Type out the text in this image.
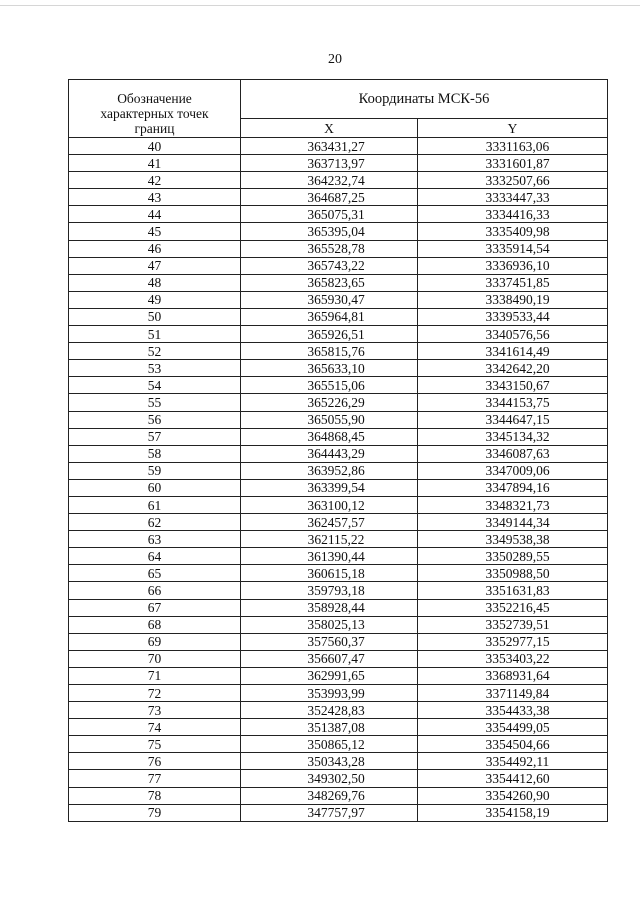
20
Обозначение
характерных точек
границ	Координаты МСК-56	
	X	Y
40	363431,27	3331163,06
41	363713,97	3331601,87
42	364232,74	3332507,66
43	364687,25	3333447,33
44	365075,31	3334416,33
45	365395,04	3335409,98
46	365528,78	3335914,54
47	365743,22	3336936,10
48	365823,65	3337451,85
49	365930,47	3338490,19
50	365964,81	3339533,44
51	365926,51	3340576,56
52	365815,76	3341614,49
53	365633,10	3342642,20
54	365515,06	3343150,67
55	365226,29	3344153,75
56	365055,90	3344647,15
57	364868,45	3345134,32
58	364443,29	3346087,63
59	363952,86	3347009,06
60	363399,54	3347894,16
61	363100,12	3348321,73
62	362457,57	3349144,34
63	362115,22	3349538,38
64	361390,44	3350289,55
65	360615,18	3350988,50
66	359793,18	3351631,83
67	358928,44	3352216,45
68	358025,13	3352739,51
69	357560,37	3352977,15
70	356607,47	3353403,22
71	362991,65	3368931,64
72	353993,99	3371149,84
73	352428,83	3354433,38
74	351387,08	3354499,05
75	350865,12	3354504,66
76	350343,28	3354492,11
77	349302,50	3354412,60
78	348269,76	3354260,90
79	347757,97	3354158,19
